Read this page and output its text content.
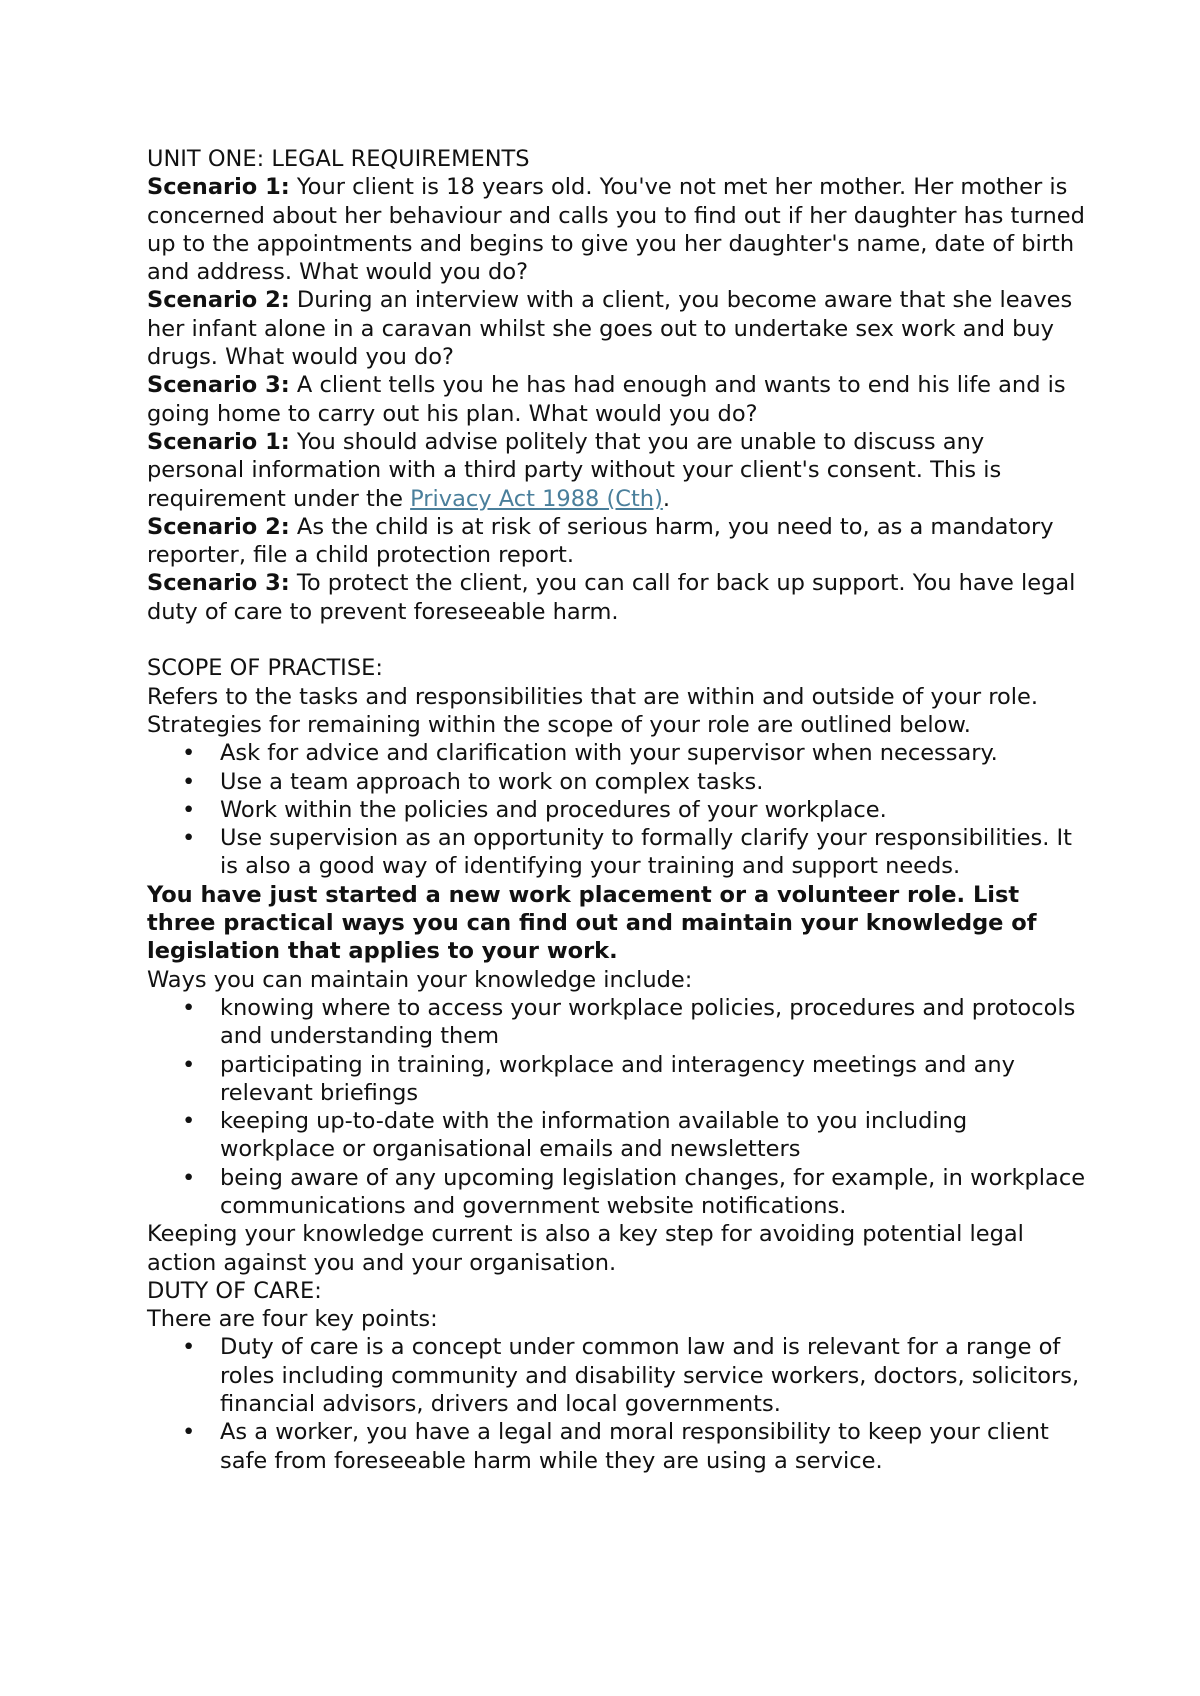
UNIT ONE: LEGAL REQUIREMENTS

Scenario 1: Your client is 18 years old. You've not met her mother. Her mother is concerned about her behaviour and calls you to find out if her daughter has turned up to the appointments and begins to give you her daughter's name, date of birth and address. What would you do?

Scenario 2: During an interview with a client, you become aware that she leaves her infant alone in a caravan whilst she goes out to undertake sex work and buy drugs. What would you do?

Scenario 3: A client tells you he has had enough and wants to end his life and is going home to carry out his plan. What would you do?

Scenario 1: You should advise politely that you are unable to discuss any personal information with a third party without your client's consent. This is requirement under the Privacy Act 1988 (Cth).

Scenario 2: As the child is at risk of serious harm, you need to, as a mandatory reporter, file a child protection report.

Scenario 3: To protect the client, you can call for back up support. You have legal duty of care to prevent foreseeable harm.

SCOPE OF PRACTISE:

Refers to the tasks and responsibilities that are within and outside of your role.

Strategies for remaining within the scope of your role are outlined below.

• Ask for advice and clarification with your supervisor when necessary.
• Use a team approach to work on complex tasks.
• Work within the policies and procedures of your workplace.
• Use supervision as an opportunity to formally clarify your responsibilities. It is also a good way of identifying your training and support needs.

You have just started a new work placement or a volunteer role. List three practical ways you can find out and maintain your knowledge of legislation that applies to your work.

Ways you can maintain your knowledge include:

• knowing where to access your workplace policies, procedures and protocols and understanding them
• participating in training, workplace and interagency meetings and any relevant briefings
• keeping up-to-date with the information available to you including workplace or organisational emails and newsletters
• being aware of any upcoming legislation changes, for example, in workplace communications and government website notifications.

Keeping your knowledge current is also a key step for avoiding potential legal action against you and your organisation.

DUTY OF CARE:

There are four key points:

• Duty of care is a concept under common law and is relevant for a range of roles including community and disability service workers, doctors, solicitors, financial advisors, drivers and local governments.
• As a worker, you have a legal and moral responsibility to keep your client safe from foreseeable harm while they are using a service.
